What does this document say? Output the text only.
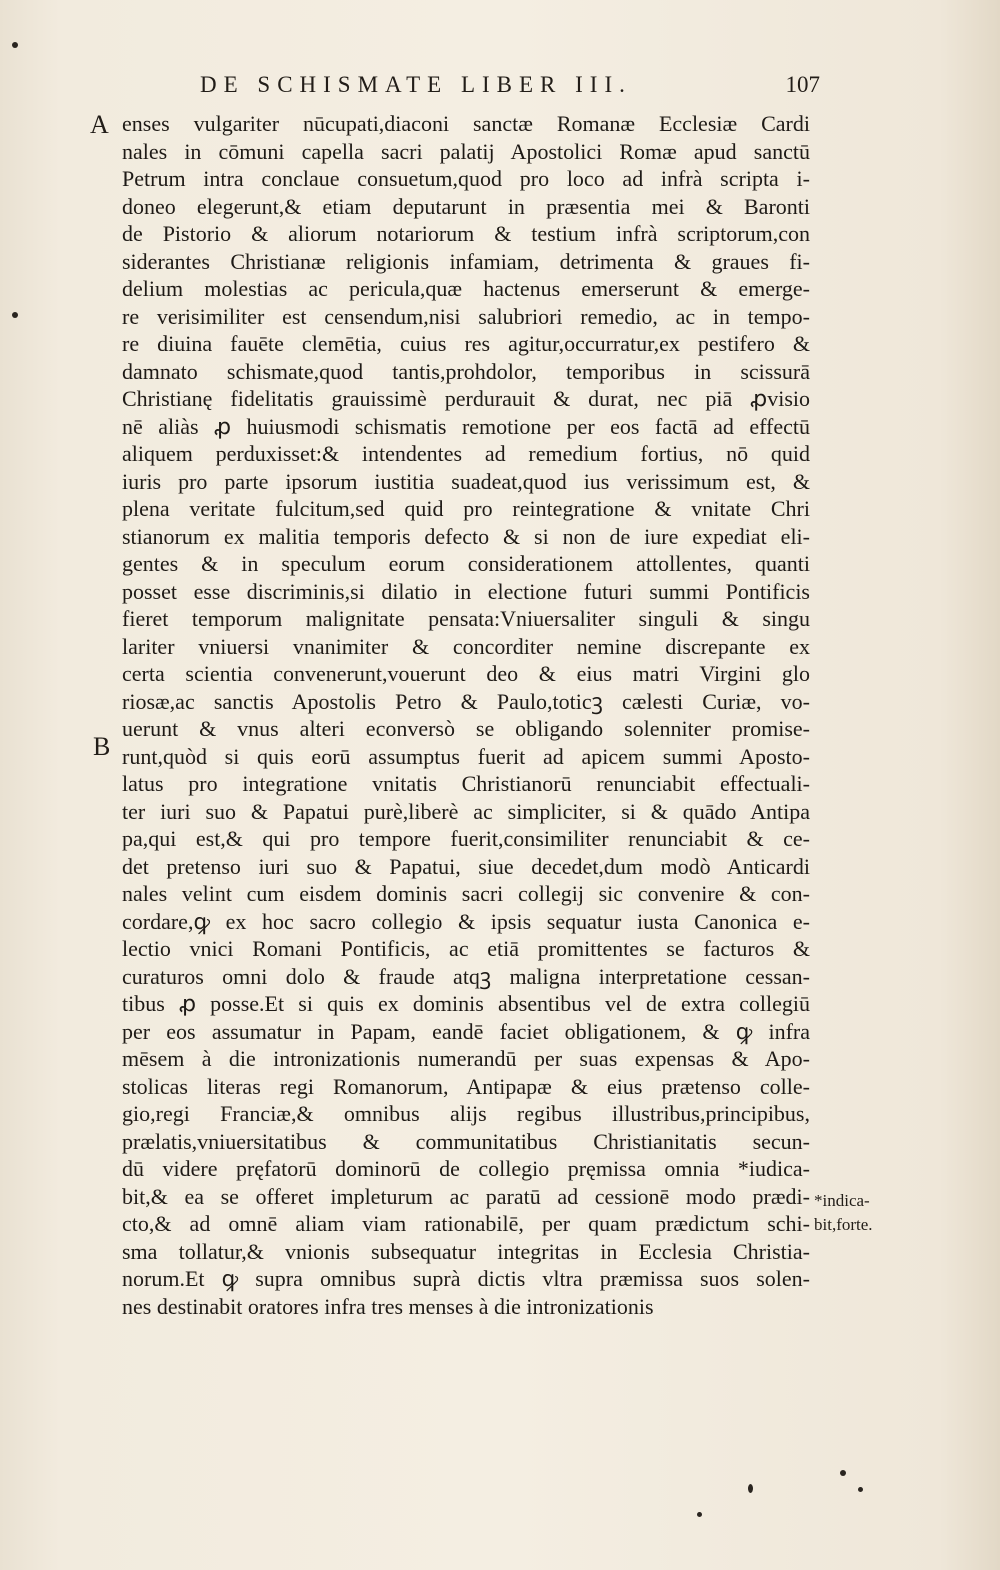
DE SCHISMATE LIBER III.	107
A
B
enses vulgariter nūcupati,diaconi sanctæ Romanæ Ecclesiæ Cardi
nales in cōmuni capella sacri palatij Apostolici Romæ apud sanctū
Petrum intra conclaue consuetum,quod pro loco ad infrà scripta i-
doneo elegerunt,& etiam deputarunt in præsentia mei & Baronti
de Pistorio & aliorum notariorum & testium infrà scriptorum,con
siderantes Christianæ religionis infamiam, detrimenta & graues fi-
delium molestias ac pericula,quæ hactenus emerserunt & emerge-
re verisimiliter est censendum,nisi salubriori remedio, ac in tempo-
re diuina fauēte clemētia, cuius res agitur,occurratur,ex pestifero &
damnato schismate,quod tantis,prohdolor, temporibus in scissurā
Christianę fidelitatis grauissimè perdurauit & durat, nec piā ꝓvisio
nē aliàs ꝓ huiusmodi schismatis remotione per eos factā ad effectū
aliquem perduxisset:& intendentes ad remedium fortius, nō quid
iuris pro parte ipsorum iustitia suadeat,quod ius verissimum est, &
plena veritate fulcitum,sed quid pro reintegratione & vnitate Chri
stianorum ex malitia temporis defecto & si non de iure expediat eli-
gentes & in speculum eorum considerationem attollentes, quanti
posset esse discriminis,si dilatio in electione futuri summi Pontificis
fieret temporum malignitate pensata:Vniuersaliter singuli & singu
lariter vniuersi vnanimiter & concorditer nemine discrepante ex
certa scientia convenerunt,vouerunt deo & eius matri Virgini glo
riosæ,ac sanctis Apostolis Petro & Paulo,toticꝫ cælesti Curiæ, vo-
uerunt & vnus alteri econversò se obligando solenniter promise-
runt,quòd si quis eorū assumptus fuerit ad apicem summi Aposto-
latus pro integratione vnitatis Christianorū renunciabit effectuali-
ter iuri suo & Papatui purè,liberè ac simpliciter, si & quādo Antipa
pa,qui est,& qui pro tempore fuerit,consimiliter renunciabit & ce-
det pretenso iuri suo & Papatui, siue decedet,dum modò Anticardi
nales velint cum eisdem dominis sacri collegij sic convenire & con-
cordare,ꝙ ex hoc sacro collegio & ipsis sequatur iusta Canonica e-
lectio vnici Romani Pontificis, ac etiā promittentes se facturos &
curaturos omni dolo & fraude atqꝫ maligna interpretatione cessan-
tibus ꝓ posse.Et si quis ex dominis absentibus vel de extra collegiū
per eos assumatur in Papam, eandē faciet obligationem, & ꝙ infra
mēsem à die intronizationis numerandū per suas expensas & Apo-
stolicas literas regi Romanorum, Antipapæ & eius prætenso colle-
gio,regi Franciæ,& omnibus alijs regibus illustribus,principibus,
prælatis,vniuersitatibus & communitatibus Christianitatis secun-
dū videre pręfatorū dominorū de collegio pręmissa omnia *iudica-
bit,& ea se offeret impleturum ac paratū ad cessionē modo prædi-
cto,& ad omnē aliam viam rationabilē, per quam prædictum schi-
sma tollatur,& vnionis subsequatur integritas in Ecclesia Christia-
norum.Et ꝙ supra omnibus suprà dictis vltra præmissa suos solen-
nes destinabit oratores infra tres menses à die intronizationis
*indica-
bit,forte.
